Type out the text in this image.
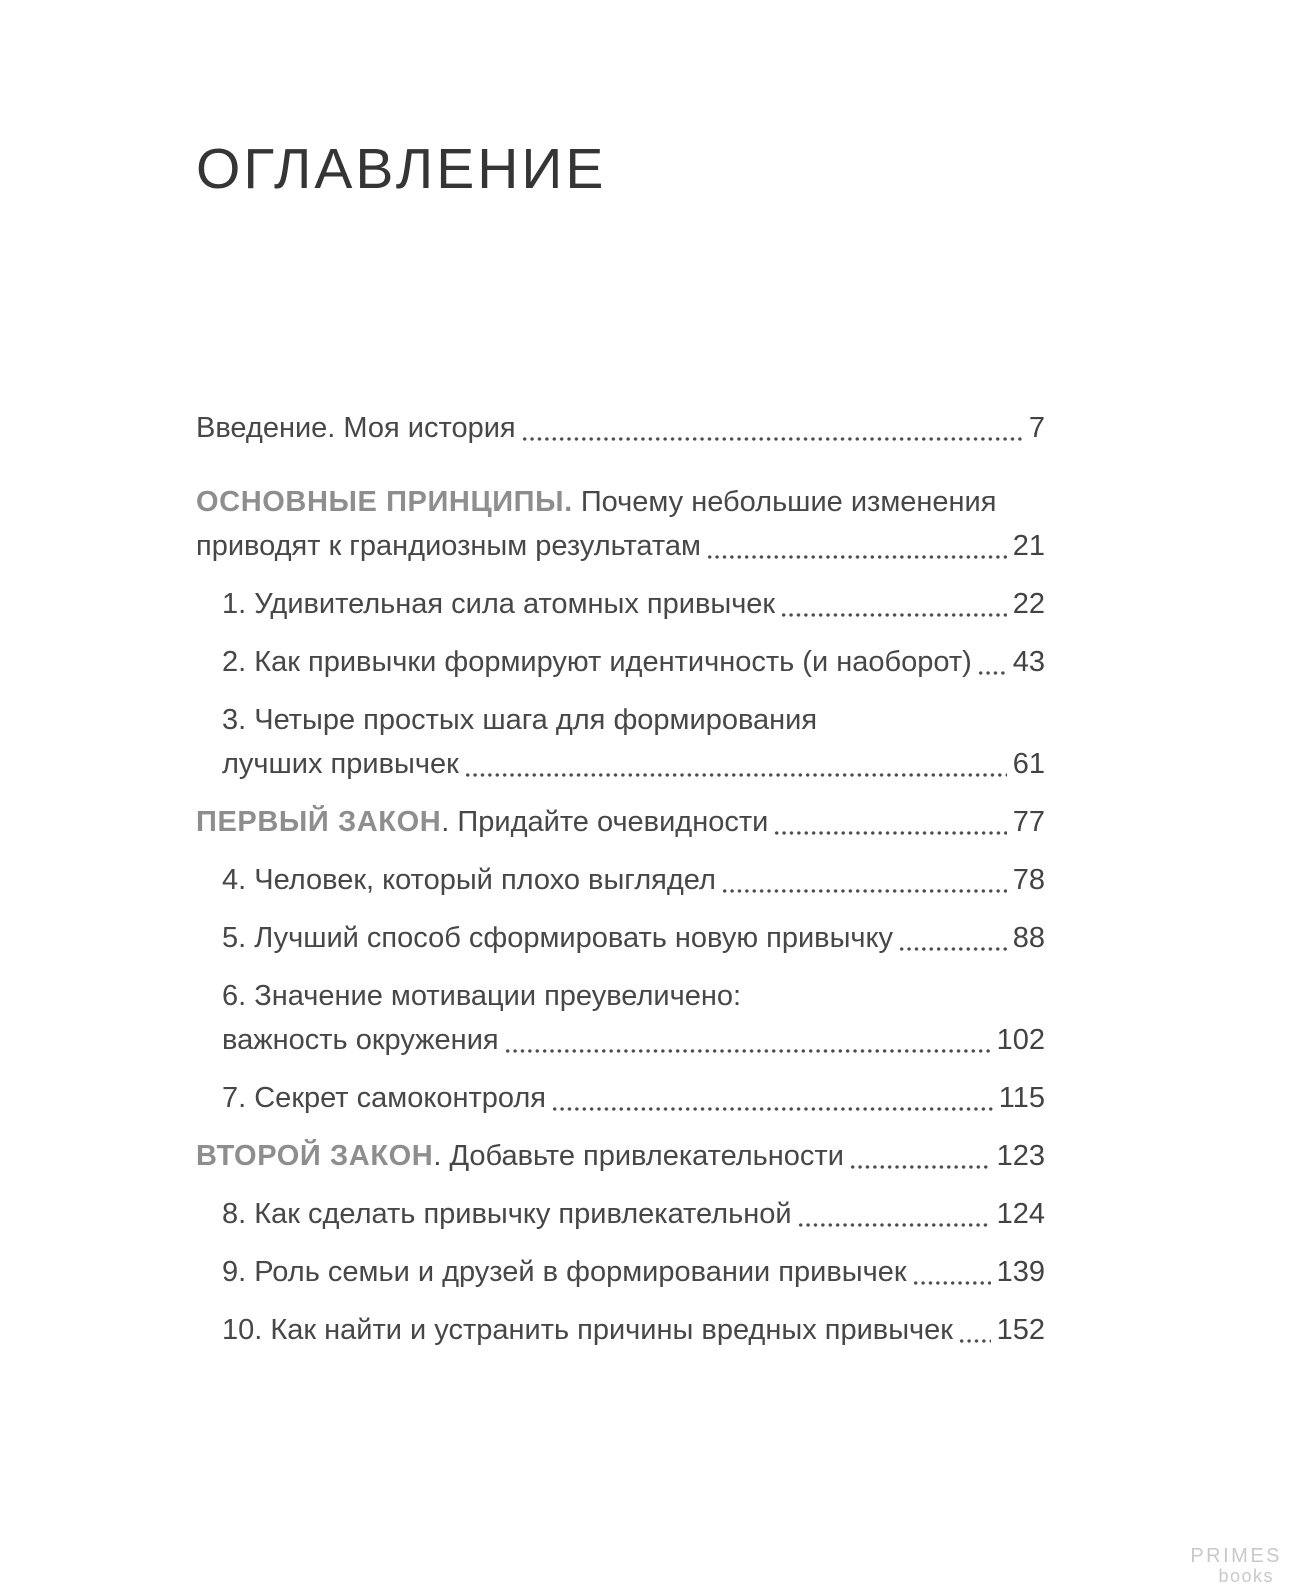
ОГЛАВЛЕНИЕ
Введение. Моя история	7
ОСНОВНЫЕ ПРИНЦИПЫ. Почему небольшие изменения
приводят к грандиозным результатам	21
1. Удивительная сила атомных привычек	22
2. Как привычки формируют идентичность (и наоборот) 43
3. Четыре простых шага для формирования
лучших привычек	61
ПЕРВЫЙ ЗАКОН. Придайте очевидности	77
4. Человек, который плохо выглядел	78
5. Лучший способ сформировать новую привычку	88
6. Значение мотивации преувеличено:
важность окружения	102
7. Секрет самоконтроля	115
ВТОРОЙ ЗАКОН. Добавьте привлекательности	123
8. Как сделать привычку привлекательной	124
9. Роль семьи и друзей в формировании привычек	139
10. Как найти и устранить причины вредных привычек 152
PRIMES
books
